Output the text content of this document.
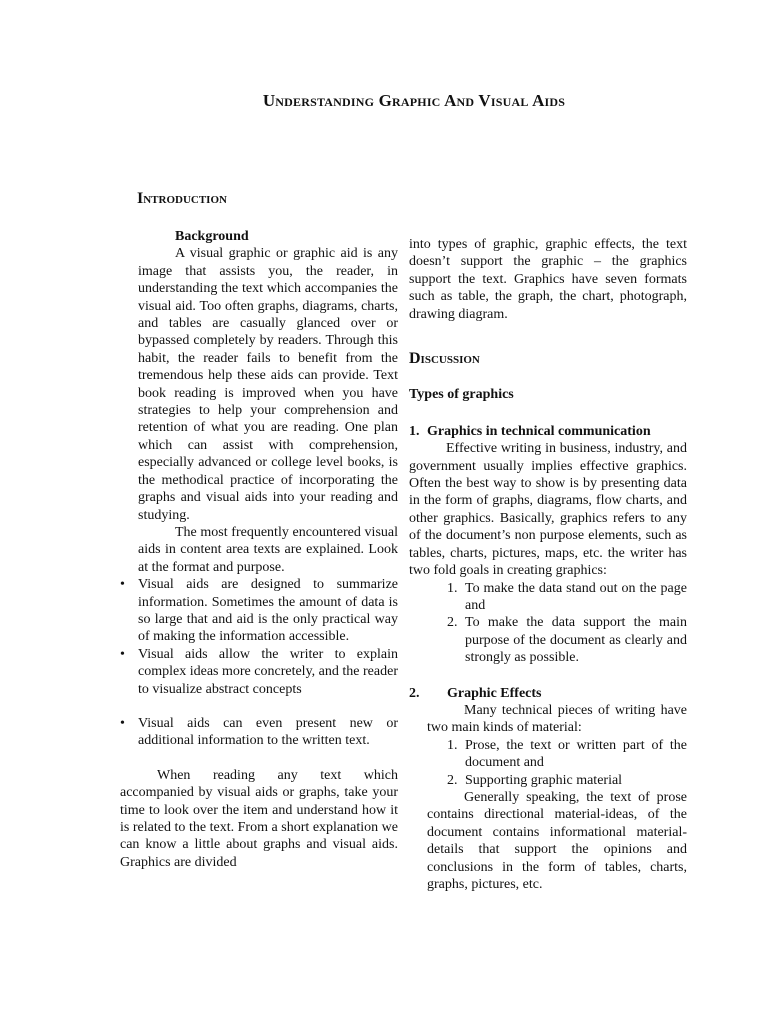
Understanding Graphic And Visual Aids
Introduction

Background

A visual graphic or graphic aid is any image that assists you, the reader, in understanding the text which accompanies the visual aid. Too often graphs, diagrams, charts, and tables are casually glanced over or bypassed completely by readers. Through this habit, the reader fails to benefit from the tremendous help these aids can provide. Text book reading is improved when you have strategies to help your comprehension and retention of what you are reading. One plan which can assist with comprehension, especially advanced or college level books, is the methodical practice of incorporating the graphs and visual aids into your reading and studying.

The most frequently encountered visual aids in content area texts are explained. Look at the format and purpose.

• Visual aids are designed to summarize information. Sometimes the amount of data is so large that and aid is the only practical way of making the information accessible.
• Visual aids allow the writer to explain complex ideas more concretely, and the reader to visualize abstract concepts
• Visual aids can even present new or additional information to the written text.

When reading any text which accompanied by visual aids or graphs, take your time to look over the item and understand how it is related to the text. From a short explanation we can know a little about graphs and visual aids. Graphics are divided

into types of graphic, graphic effects, the text doesn’t support the graphic – the graphics support the text. Graphics have seven formats such as table, the graph, the chart, photograph, drawing diagram.

Discussion

Types of graphics

1. Graphics in technical communication

Effective writing in business, industry, and government usually implies effective graphics. Often the best way to show is by presenting data in the form of graphs, diagrams, flow charts, and other graphics. Basically, graphics refers to any of the document’s non purpose elements, such as tables, charts, pictures, maps, etc. the writer has two fold goals in creating graphics:

1. To make the data stand out on the page and
2. To make the data support the main purpose of the document as clearly and strongly as possible.
2.	Graphic Effects

Many technical pieces of writing have two main kinds of material:

1. Prose, the text or written part of the document and
2. Supporting graphic material

Generally speaking, the text of prose contains directional material-ideas, of the document contains informational material-details that support the opinions and conclusions in the form of tables, charts, graphs, pictures, etc.
